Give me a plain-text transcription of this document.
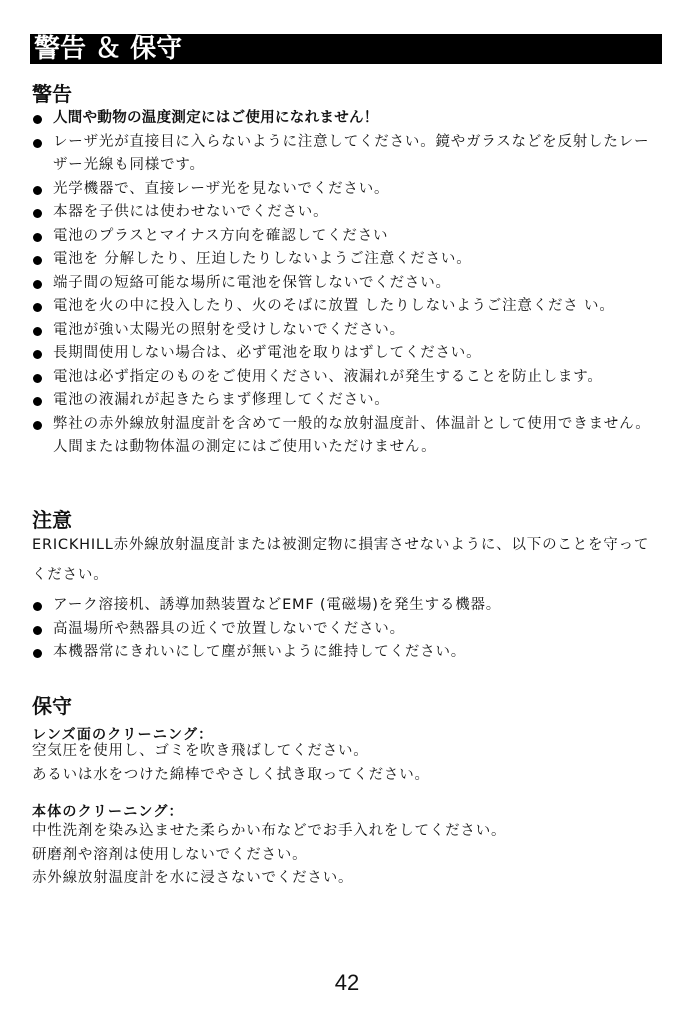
警告 ＆ 保守
警告
人間や動物の温度測定にはご使用になれません！
レーザ光が直接目に入らないように注意してください。鏡やガラスなどを反射したレーザー光線も同様です。
光学機器で、直接レーザ光を見ないでください。
本器を子供には使わせないでください。
電池のプラスとマイナス方向を確認してください
電池を 分解したり、圧迫したりしないようご注意ください。
端子間の短絡可能な場所に電池を保管しないでください。
電池を火の中に投入したり、火のそばに放置 したりしないようご注意くださ い。
電池が強い太陽光の照射を受けしないでください。
長期間使用しない場合は、必ず電池を取りはずしてください。
電池は必ず指定のものをご使用ください、液漏れが発生することを防止します。
電池の液漏れが起きたらまず修理してください。
弊社の赤外線放射温度計を含めて一般的な放射温度計、体温計として使用できません。人間または動物体温の測定にはご使用いただけません。
注意
ERICKHILL赤外線放射温度計または被測定物に損害させないように、以下のことを守ってください。
アーク溶接机、誘導加熱装置などEMF (電磁場)を発生する機器。
高温場所や熱器具の近くで放置しないでください。
本機器常にきれいにして塵が無いように維持してください。
保守
レンズ面のクリーニング：
空気圧を使用し、ゴミを吹き飛ばしてください。
あるいは水をつけた綿棒でやさしく拭き取ってください。
本体のクリーニング：
中性洗剤を染み込ませた柔らかい布などでお手入れをしてください。
研磨剤や溶剤は使用しないでください。
赤外線放射温度計を水に浸さないでください。
42
